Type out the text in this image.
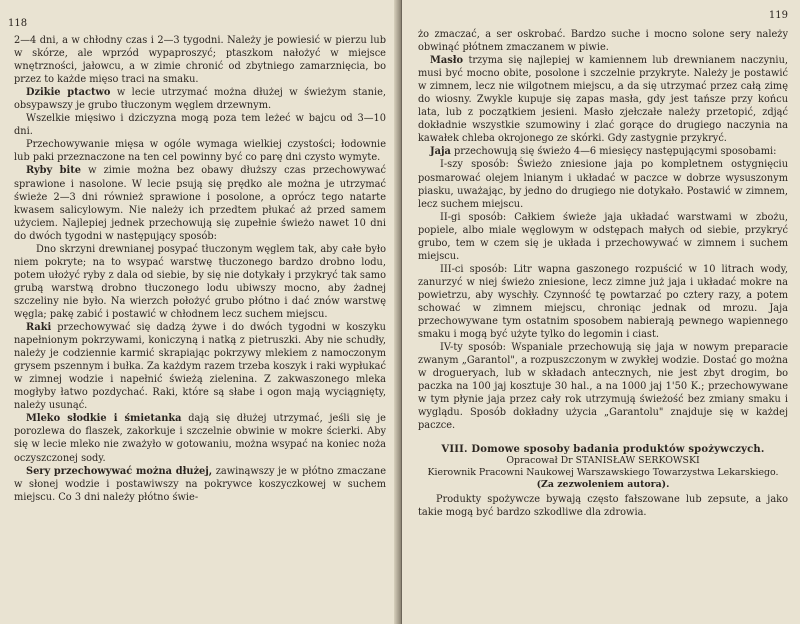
118

2—4 dni, a w chłodny czas i 2—3 tygodni. Należy je powiesić w pierzu lub w skórze, ale wprzód wypaproszyć; ptaszkom nałożyć w miejsce wnętrzności, jałowcu, a w zimie chronić od zbytniego zamarznięcia, bo przez to każde mięso traci na smaku.

Dzikie ptactwo w lecie utrzymać można dłużej w świeżym stanie, obsypawszy je grubo tłuczonym węglem drzewnym.

Wszelkie mięsiwo i dziczyzna mogą poza tem leżeć w bajcu od 3—10 dni.

Przechowywanie mięsa w ogóle wymaga wielkiej czystości; łodownie lub paki przeznaczone na ten cel powinny być co parę dni czysto wymyte.

Ryby bite w zimie można bez obawy dłuższy czas przechowywać sprawione i nasolone. W lecie psują się prędko ale można je utrzymać świeże 2—3 dni również sprawione i posolone, a oprócz tego natarte kwasem salicylowym. Nie należy ich przedtem płukać aż przed samem użyciem. Najlepiej jednek przechowują się zupełnie świeżo nawet 10 dni do dwóch tygodni w następujący sposób:

Dno skrzyni drewnianej posypać tłuczonym węglem tak, aby całe było niem pokryte; na to wsypać warstwę tłuczonego bardzo drobno lodu, potem ułożyć ryby z dala od siebie, by się nie dotykały i przykryć tak samo grubą warstwą drobno tłuczonego lodu ubiwszy mocno, aby żadnej szczeliny nie było. Na wierzch położyć grubo płótno i dać znów warstwę węgla; pakę zabić i postawić w chłodnem lecz suchem miejscu.

Raki przechowywać się dadzą żywe i do dwóch tygodni w koszyku napełnionym pokrzywami, koniczyną i natką z pietruszki. Aby nie schudły, należy je codziennie karmić skrapiając pokrzywy mlekiem z namoczonym grysem pszennym i bułka. Za każdym razem trzeba koszyk i raki wypłukać w zimnej wodzie i napełnić świeżą zielenina. Z zakwaszonego mleka mogłyby łatwo pozdychać. Raki, które są słabe i ogon mają wyciągnięty, należy usunąć.

Mleko słodkie i śmietanka dają się dłużej utrzymać, jeśli się je porozlewa do flaszek, zakorkuje i szczelnie obwinie w mokre ścierki. Aby się w lecie mleko nie zważyło w gotowaniu, można wsypać na koniec noża oczyszczonej sody.

Sery przechowywać można dłużej, zawinąwszy je w płótno zmaczane w słonej wodzie i postawiwszy na pokrywce koszyczkowej w suchem miejscu. Co 3 dni należy płótno świe-

119

żo zmaczać, a ser oskrobać. Bardzo suche i mocno solone sery należy obwinąć płótnem zmaczanem w piwie.

Masło trzyma się najlepiej w kamiennem lub drewnianem naczyniu, musi być mocno obite, posolone i szczelnie przykryte. Należy je postawić w zimnem, lecz nie wilgotnem miejscu, a da się utrzymać przez całą zimę do wiosny. Zwykle kupuje się zapas masła, gdy jest tańsze przy końcu lata, lub z początkiem jesieni. Masło zjełczałe należy przetopić, zdjąć dokładnie wszystkie szumowiny i zlać gorące do drugiego naczynia na kawałek chleba okrojonego ze skórki. Gdy zastygnie przykryć.

Jaja przechowują się świeżo 4—6 miesięcy następującymi sposobami:

I-szy sposób: Świeżo zniesione jaja po kompletnem ostygnięciu posmarować olejem lnianym i układać w paczce w dobrze wysuszonym piasku, uważając, by jedno do drugiego nie dotykało. Postawić w zimnem, lecz suchem miejscu.

II-gi sposób: Całkiem świeże jaja układać warstwami w zbożu, popiele, albo miale węglowym w odstępach małych od siebie, przykryć grubo, tem w czem się je układa i przechowywać w zimnem i suchem miejscu.

III-ci sposób: Litr wapna gaszonego rozpuścić w 10 litrach wody, zanurzyć w niej świeżo zniesione, lecz zimne już jaja i układać mokre na powietrzu, aby wyschły. Czynność tę powtarzać po cztery razy, a potem schować w zimnem miejscu, chroniąc jednak od mrozu. Jaja przechowywane tym ostatnim sposobem nabierają pewnego wapiennego smaku i mogą być użyte tylko do legomin i ciast.

IV-ty sposób: Wspaniale przechowują się jaja w nowym preparacie zwanym „Garantol", a rozpuszczonym w zwykłej wodzie. Dostać go można w drogueryach, lub w składach antecznych, nie jest zbyt drogim, bo paczka na 100 jaj kosztuje 30 hal., a na 1000 jaj 1'50 K.; przechowywane w tym płynie jaja przez cały rok utrzymują świeżość bez zmiany smaku i wyglądu. Sposób dokładny użycia „Garantolu" znajduje się w każdej paczce.

VIII. Domowe sposoby badania produktów spożywczych.
Opracował Dr STANISŁAW SERKOWSKI
Kierownik Pracowni Naukowej Warszawskiego Towarzystwa Lekarskiego.
(Za zezwoleniem autora).

Produkty spożywcze bywają często fałszowane lub zepsute, a jako takie mogą być bardzo szkodliwe dla zdrowia.
